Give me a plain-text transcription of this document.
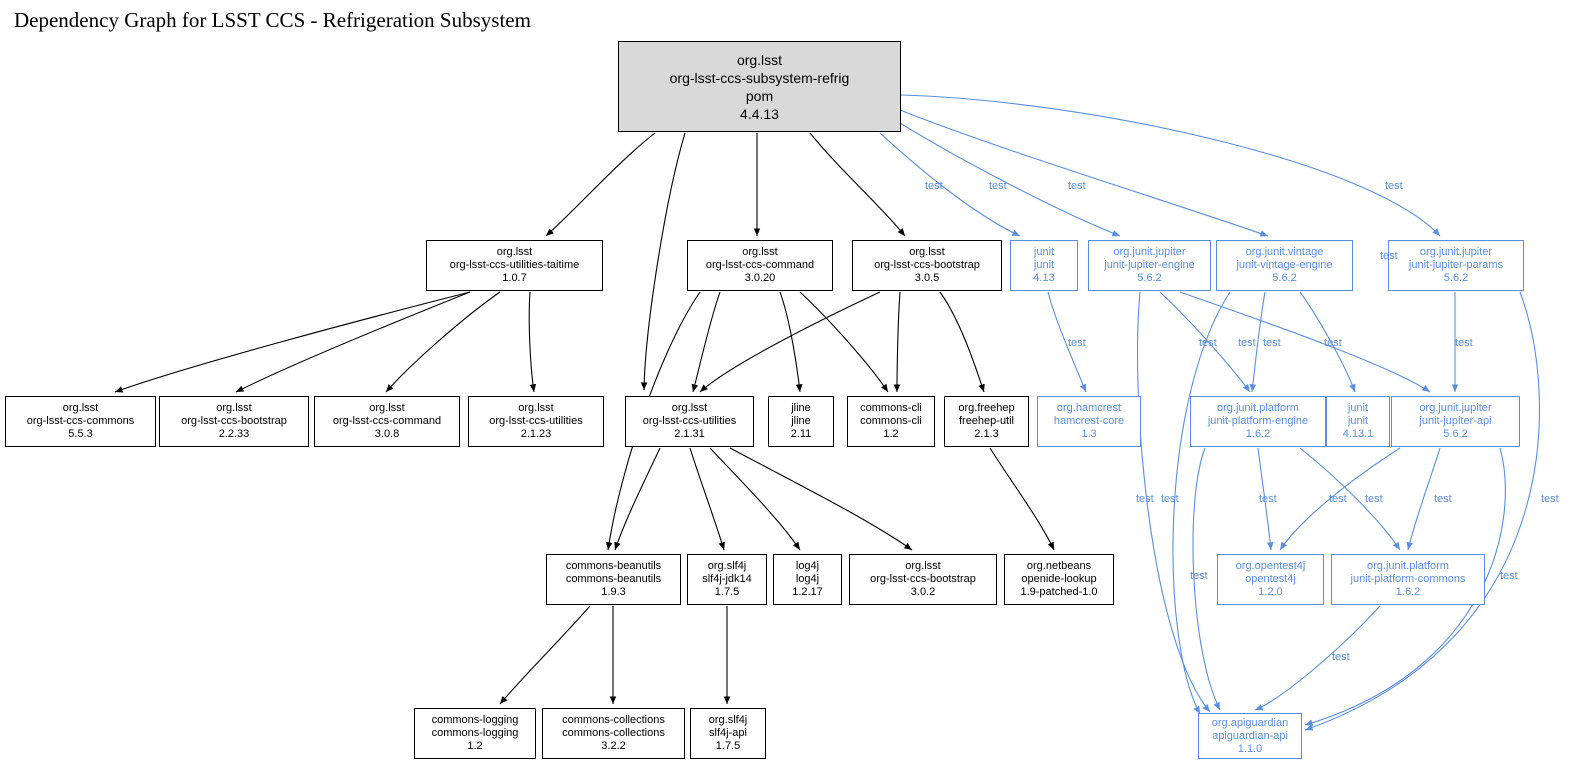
Dependency Graph for LSST CCS - Refrigeration Subsystem
org.lsst
org-lsst-ccs-subsystem-refrig
pom
4.4.13
org.lsst
org-lsst-ccs-utilities-taitime
1.0.7
org.lsst
org-lsst-ccs-command
3.0.20
org.lsst
org-lsst-ccs-bootstrap
3.0.5
junit
junit
4.13
org.junit.jupiter
junit-jupiter-engine
5.6.2
org.junit.vintage
junit-vintage-engine
5.6.2
org.junit.jupiter
junit-jupiter-params
5.6.2
org.lsst
org-lsst-ccs-commons
5.5.3
org.lsst
org-lsst-ccs-bootstrap
2.2.33
org.lsst
org-lsst-ccs-command
3.0.8
org.lsst
org-lsst-ccs-utilities
2.1.23
org.lsst
org-lsst-ccs-utilities
2.1.31
jline
jline
2.11
commons-cli
commons-cli
1.2
org.freehep
freehep-util
2.1.3
org.hamcrest
hamcrest-core
1.3
org.junit.platform
junit-platform-engine
1.6.2
junit
junit
4.13.1
org.junit.jupiter
junit-jupiter-api
5.6.2
commons-beanutils
commons-beanutils
1.9.3
org.slf4j
slf4j-jdk14
1.7.5
log4j
log4j
1.2.17
org.lsst
org-lsst-ccs-bootstrap
3.0.2
org.netbeans
openide-lookup
1.9-patched-1.0
org.opentest4j
opentest4j
1.2.0
org.junit.platform
junit-platform-commons
1.6.2
commons-logging
commons-logging
1.2
commons-collections
commons-collections
3.2.2
org.slf4j
slf4j-api
1.7.5
org.apiguardian
apiguardian-api
1.1.0
test	test	test	test
test
test	test test test	test	test
test test	test	test test	test	test
test	test
test
